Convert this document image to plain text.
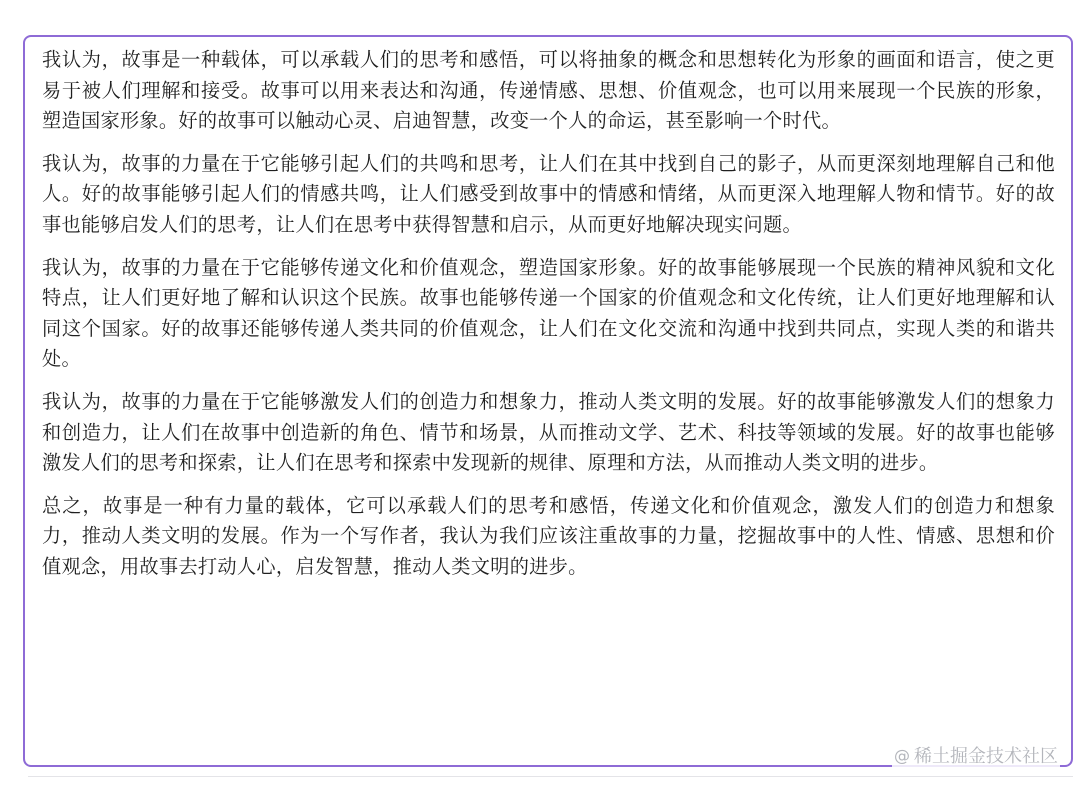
我认为，故事是一种载体，可以承载人们的思考和感悟，可以将抽象的概念和思想转化为形象的画面和语言，使之更易于被人们理解和接受。故事可以用来表达和沟通，传递情感、思想、价值观念，也可以用来展现一个民族的形象，塑造国家形象。好的故事可以触动心灵、启迪智慧，改变一个人的命运，甚至影响一个时代。

我认为，故事的力量在于它能够引起人们的共鸣和思考，让人们在其中找到自己的影子，从而更深刻地理解自己和他人。好的故事能够引起人们的情感共鸣，让人们感受到故事中的情感和情绪，从而更深入地理解人物和情节。好的故事也能够启发人们的思考，让人们在思考中获得智慧和启示，从而更好地解决现实问题。

我认为，故事的力量在于它能够传递文化和价值观念，塑造国家形象。好的故事能够展现一个民族的精神风貌和文化特点，让人们更好地了解和认识这个民族。故事也能够传递一个国家的价值观念和文化传统，让人们更好地理解和认同这个国家。好的故事还能够传递人类共同的价值观念，让人们在文化交流和沟通中找到共同点，实现人类的和谐共处。

我认为，故事的力量在于它能够激发人们的创造力和想象力，推动人类文明的发展。好的故事能够激发人们的想象力和创造力，让人们在故事中创造新的角色、情节和场景，从而推动文学、艺术、科技等领域的发展。好的故事也能够激发人们的思考和探索，让人们在思考和探索中发现新的规律、原理和方法，从而推动人类文明的进步。

总之，故事是一种有力量的载体，它可以承载人们的思考和感悟，传递文化和价值观念，激发人们的创造力和想象力，推动人类文明的发展。作为一个写作者，我认为我们应该注重故事的力量，挖掘故事中的人性、情感、思想和价值观念，用故事去打动人心，启发智慧，推动人类文明的进步。

@ 稀土掘金技术社区
